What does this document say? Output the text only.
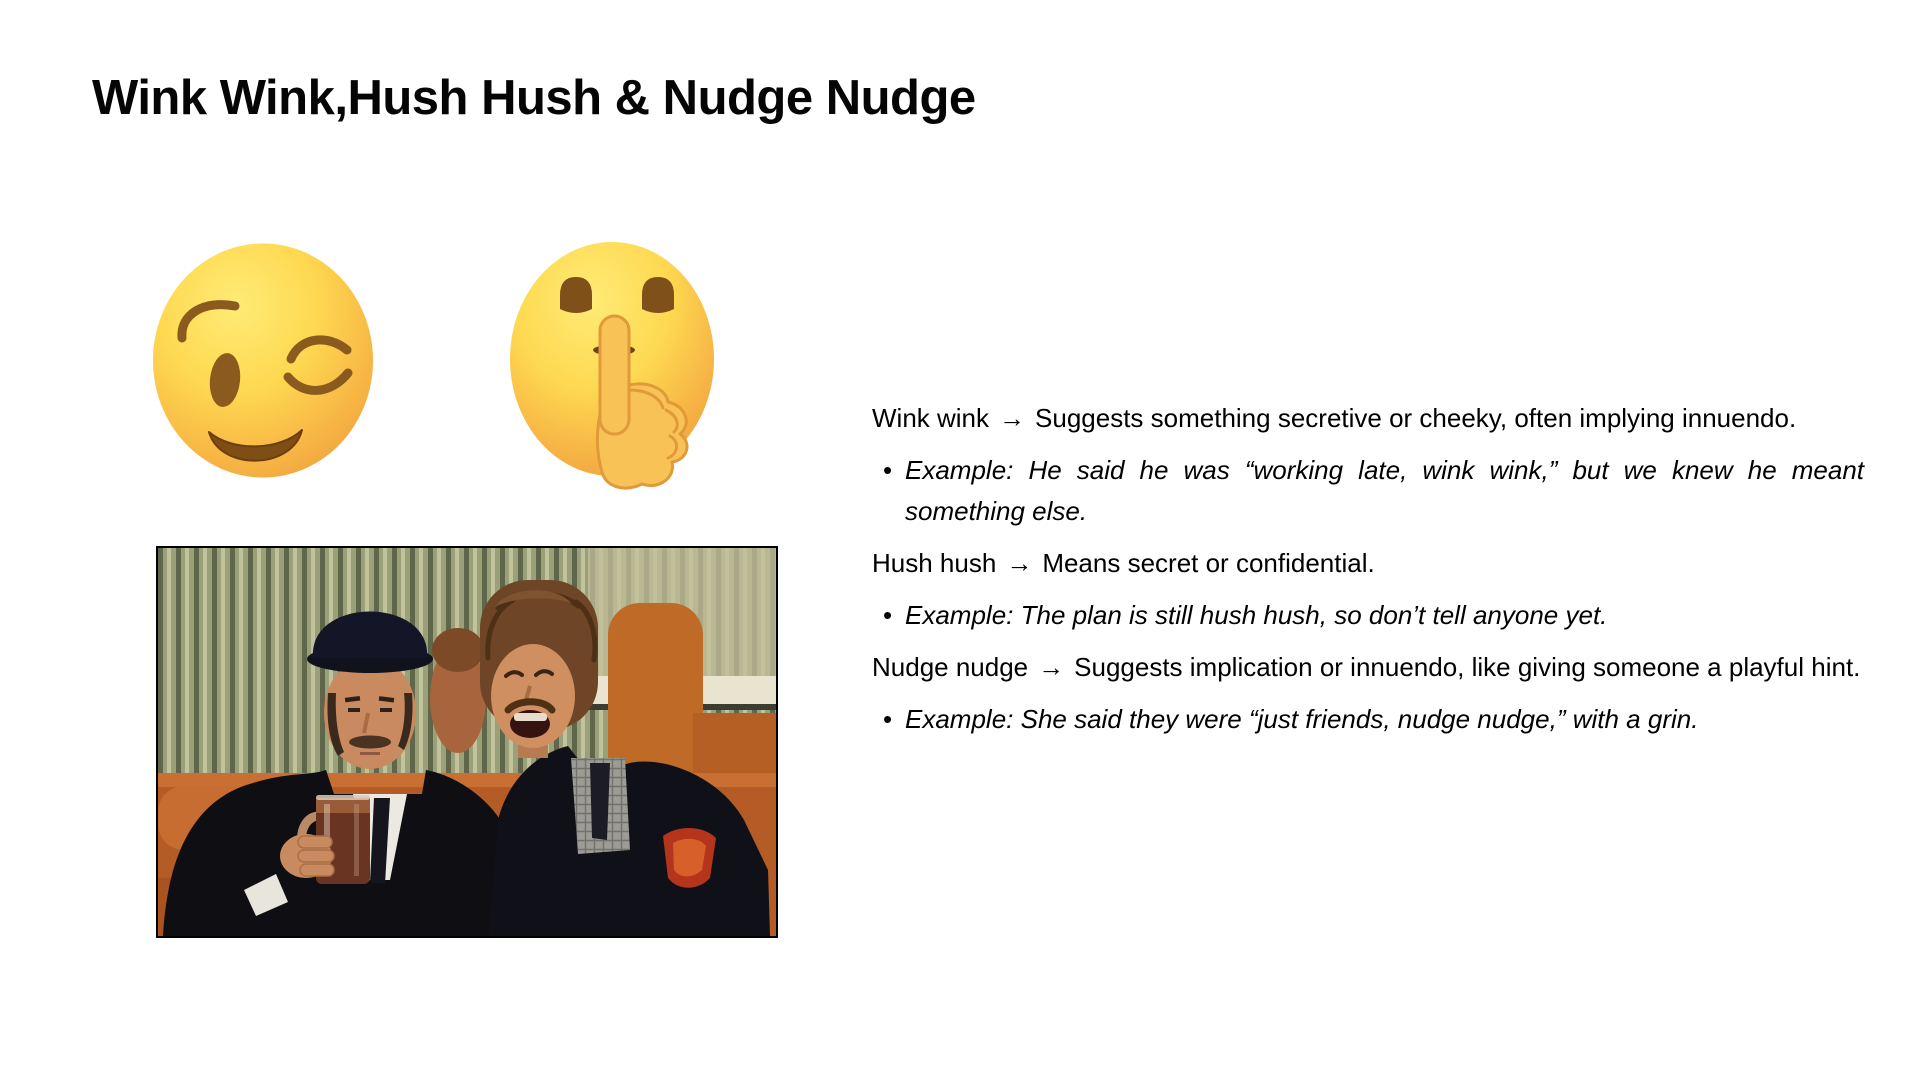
Wink Wink,Hush Hush & Nudge Nudge

Wink wink → Suggests something secretive or cheeky, often implying innuendo.

• Example: He said he was “working late, wink wink,” but we knew he meant something else.

Hush hush → Means secret or confidential.

• Example: The plan is still hush hush, so don’t tell anyone yet.

Nudge nudge → Suggests implication or innuendo, like giving someone a playful hint.

• Example: She said they were “just friends, nudge nudge,” with a grin.
